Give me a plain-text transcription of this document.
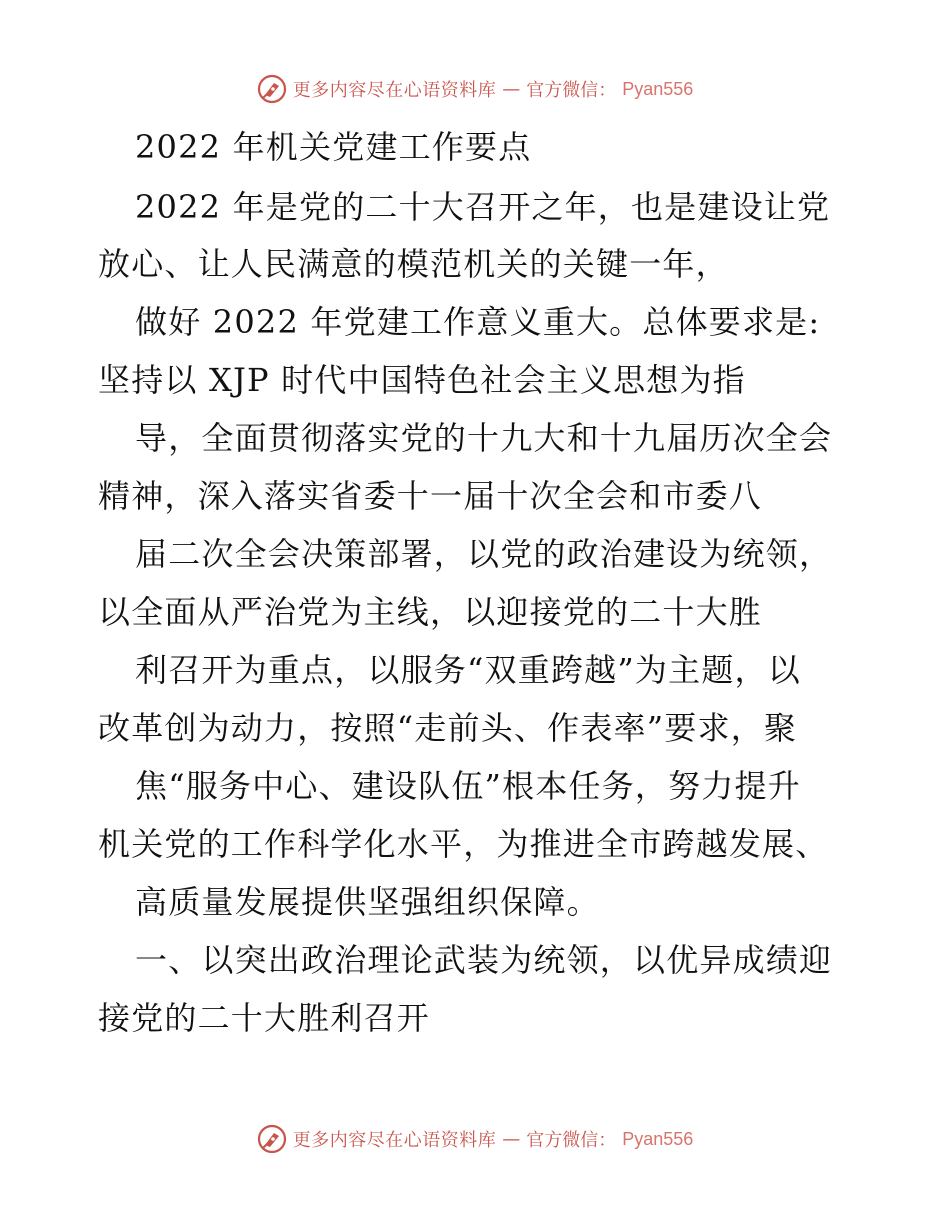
更多内容尽在心语资料库 — 官方微信： Pyan556
2022 年机关党建工作要点
2022 年是党的二十大召开之年，也是建设让党
放心、让人民满意的模范机关的关键一年，
做好 2022 年党建工作意义重大。总体要求是:
坚持以 XJP 时代中国特色社会主义思想为指
导，全面贯彻落实党的十九大和十九届历次全会
精神，深入落实省委十一届十次全会和市委八
届二次全会决策部署，以党的政治建设为统领，
以全面从严治党为主线，以迎接党的二十大胜
利召开为重点，以服务“双重跨越”为主题，以
改革创为动力，按照“走前头、作表率”要求，聚
焦“服务中心、建设队伍”根本任务，努力提升
机关党的工作科学化水平，为推进全市跨越发展、
高质量发展提供坚强组织保障。
一、以突出政治理论武装为统领，以优异成绩迎
接党的二十大胜利召开
更多内容尽在心语资料库 — 官方微信： Pyan556
